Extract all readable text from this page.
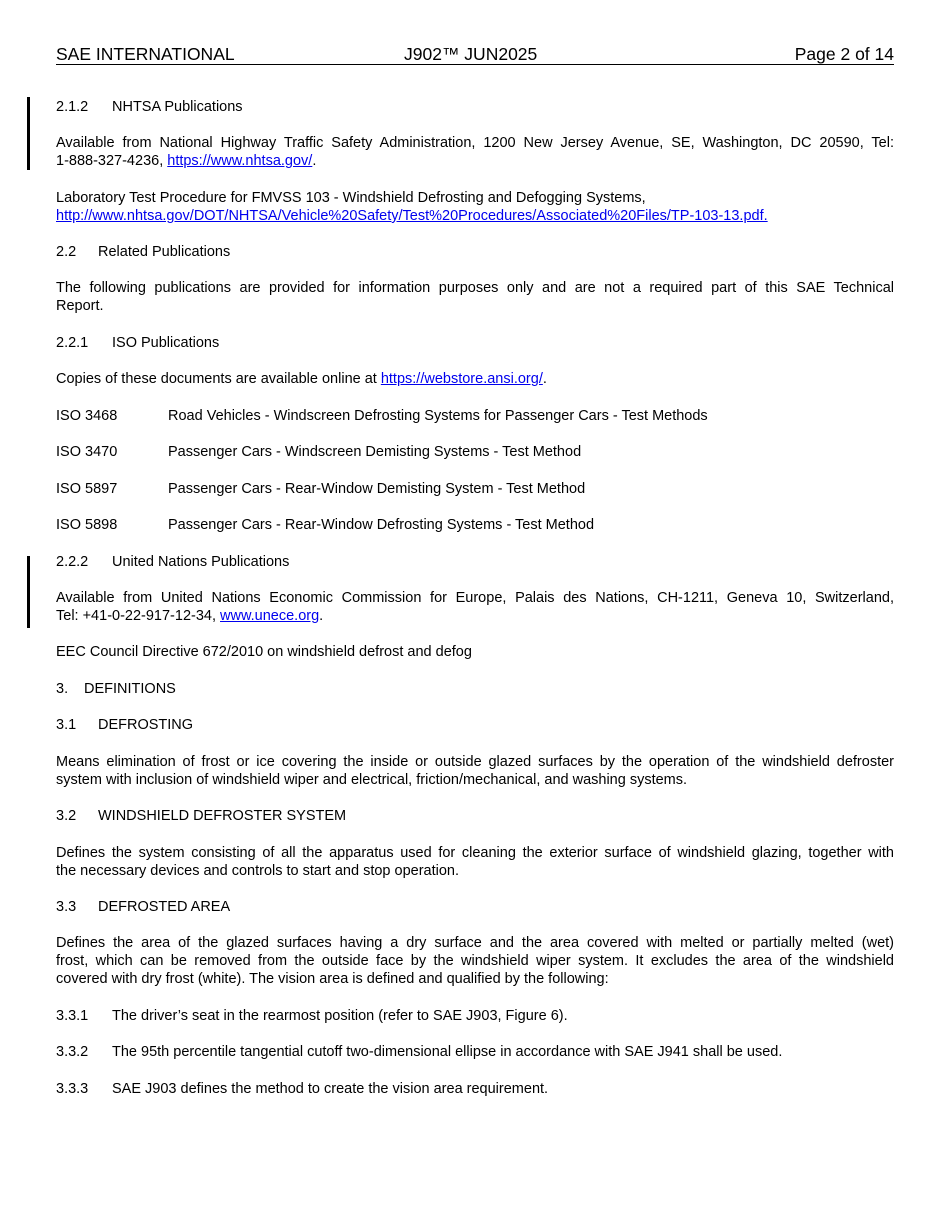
SAE INTERNATIONAL	J902™ JUN2025	Page 2 of 14
2.1.2 NHTSA Publications
Available from National Highway Traffic Safety Administration, 1200 New Jersey Avenue, SE, Washington, DC 20590, Tel:
1-888-327-4236, https://www.nhtsa.gov/.
Laboratory Test Procedure for FMVSS 103 - Windshield Defrosting and Defogging Systems,
http://www.nhtsa.gov/DOT/NHTSA/Vehicle%20Safety/Test%20Procedures/Associated%20Files/TP-103-13.pdf.
2.2 Related Publications
The following publications are provided for information purposes only and are not a required part of this SAE Technical
Report.
2.2.1 ISO Publications
Copies of these documents are available online at https://webstore.ansi.org/.
ISO 3468	Road Vehicles - Windscreen Defrosting Systems for Passenger Cars - Test Methods
ISO 3470	Passenger Cars - Windscreen Demisting Systems - Test Method
ISO 5897	Passenger Cars - Rear-Window Demisting System - Test Method
ISO 5898	Passenger Cars - Rear-Window Defrosting Systems - Test Method
2.2.2 United Nations Publications
Available from United Nations Economic Commission for Europe, Palais des Nations, CH-1211, Geneva 10, Switzerland,
Tel: +41-0-22-917-12-34, www.unece.org.
EEC Council Directive 672/2010 on windshield defrost and defog
3. DEFINITIONS
3.1 DEFROSTING
Means elimination of frost or ice covering the inside or outside glazed surfaces by the operation of the windshield defroster
system with inclusion of windshield wiper and electrical, friction/mechanical, and washing systems.
3.2 WINDSHIELD DEFROSTER SYSTEM
Defines the system consisting of all the apparatus used for cleaning the exterior surface of windshield glazing, together with
the necessary devices and controls to start and stop operation.
3.3 DEFROSTED AREA
Defines the area of the glazed surfaces having a dry surface and the area covered with melted or partially melted (wet)
frost, which can be removed from the outside face by the windshield wiper system. It excludes the area of the windshield
covered with dry frost (white). The vision area is defined and qualified by the following:
3.3.1 The driver’s seat in the rearmost position (refer to SAE J903, Figure 6).
3.3.2 The 95th percentile tangential cutoff two-dimensional ellipse in accordance with SAE J941 shall be used.
3.3.3 SAE J903 defines the method to create the vision area requirement.
